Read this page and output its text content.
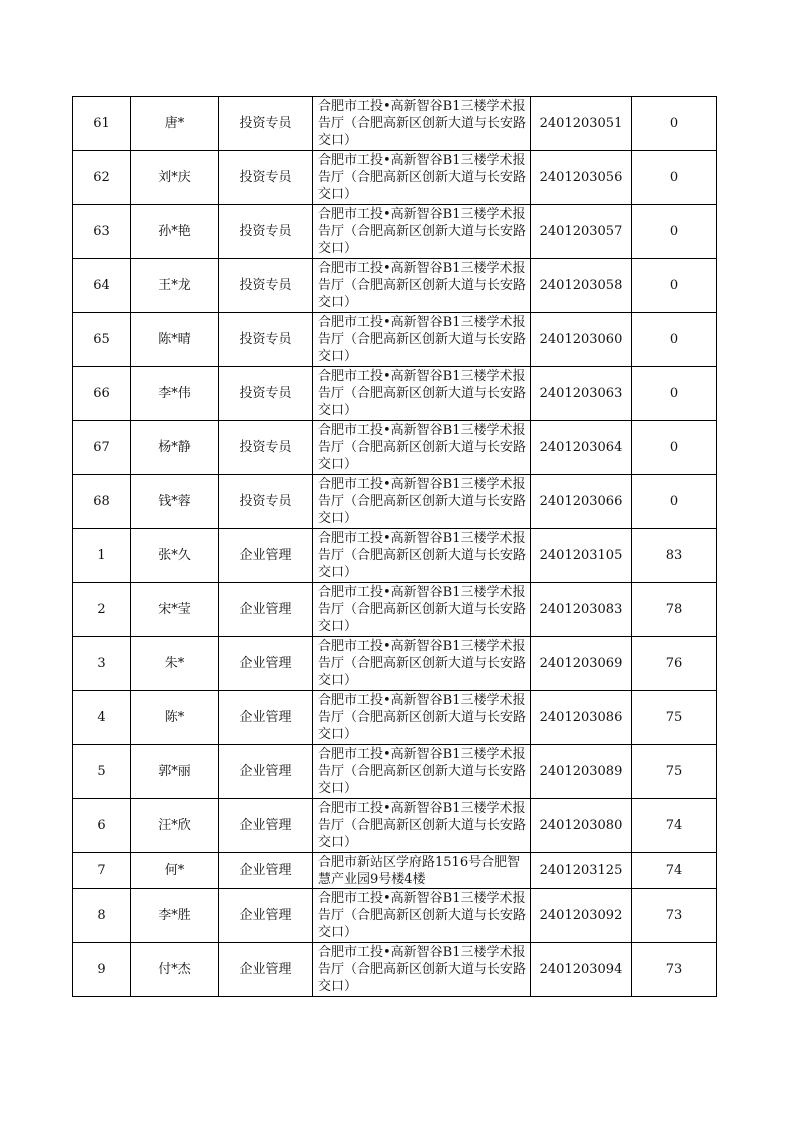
61	唐*	投资专员	合肥市工投•高新智谷B1三楼学术报告厅（合肥高新区创新大道与长安路交口）	2401203051	0
62	刘*庆	投资专员	合肥市工投•高新智谷B1三楼学术报告厅（合肥高新区创新大道与长安路交口）	2401203056	0
63	孙*艳	投资专员	合肥市工投•高新智谷B1三楼学术报告厅（合肥高新区创新大道与长安路交口）	2401203057	0
64	王*龙	投资专员	合肥市工投•高新智谷B1三楼学术报告厅（合肥高新区创新大道与长安路交口）	2401203058	0
65	陈*晴	投资专员	合肥市工投•高新智谷B1三楼学术报告厅（合肥高新区创新大道与长安路交口）	2401203060	0
66	李*伟	投资专员	合肥市工投•高新智谷B1三楼学术报告厅（合肥高新区创新大道与长安路交口）	2401203063	0
67	杨*静	投资专员	合肥市工投•高新智谷B1三楼学术报告厅（合肥高新区创新大道与长安路交口）	2401203064	0
68	钱*蓉	投资专员	合肥市工投•高新智谷B1三楼学术报告厅（合肥高新区创新大道与长安路交口）	2401203066	0
1	张*久	企业管理	合肥市工投•高新智谷B1三楼学术报告厅（合肥高新区创新大道与长安路交口）	2401203105	83
2	宋*莹	企业管理	合肥市工投•高新智谷B1三楼学术报告厅（合肥高新区创新大道与长安路交口）	2401203083	78
3	朱*	企业管理	合肥市工投•高新智谷B1三楼学术报告厅（合肥高新区创新大道与长安路交口）	2401203069	76
4	陈*	企业管理	合肥市工投•高新智谷B1三楼学术报告厅（合肥高新区创新大道与长安路交口）	2401203086	75
5	郭*丽	企业管理	合肥市工投•高新智谷B1三楼学术报告厅（合肥高新区创新大道与长安路交口）	2401203089	75
6	汪*欣	企业管理	合肥市工投•高新智谷B1三楼学术报告厅（合肥高新区创新大道与长安路交口）	2401203080	74
7	何*	企业管理	合肥市新站区学府路1516号合肥智慧产业园9号楼4楼	2401203125	74
8	李*胜	企业管理	合肥市工投•高新智谷B1三楼学术报告厅（合肥高新区创新大道与长安路交口）	2401203092	73
9	付*杰	企业管理	合肥市工投•高新智谷B1三楼学术报告厅（合肥高新区创新大道与长安路交口）	2401203094	73
